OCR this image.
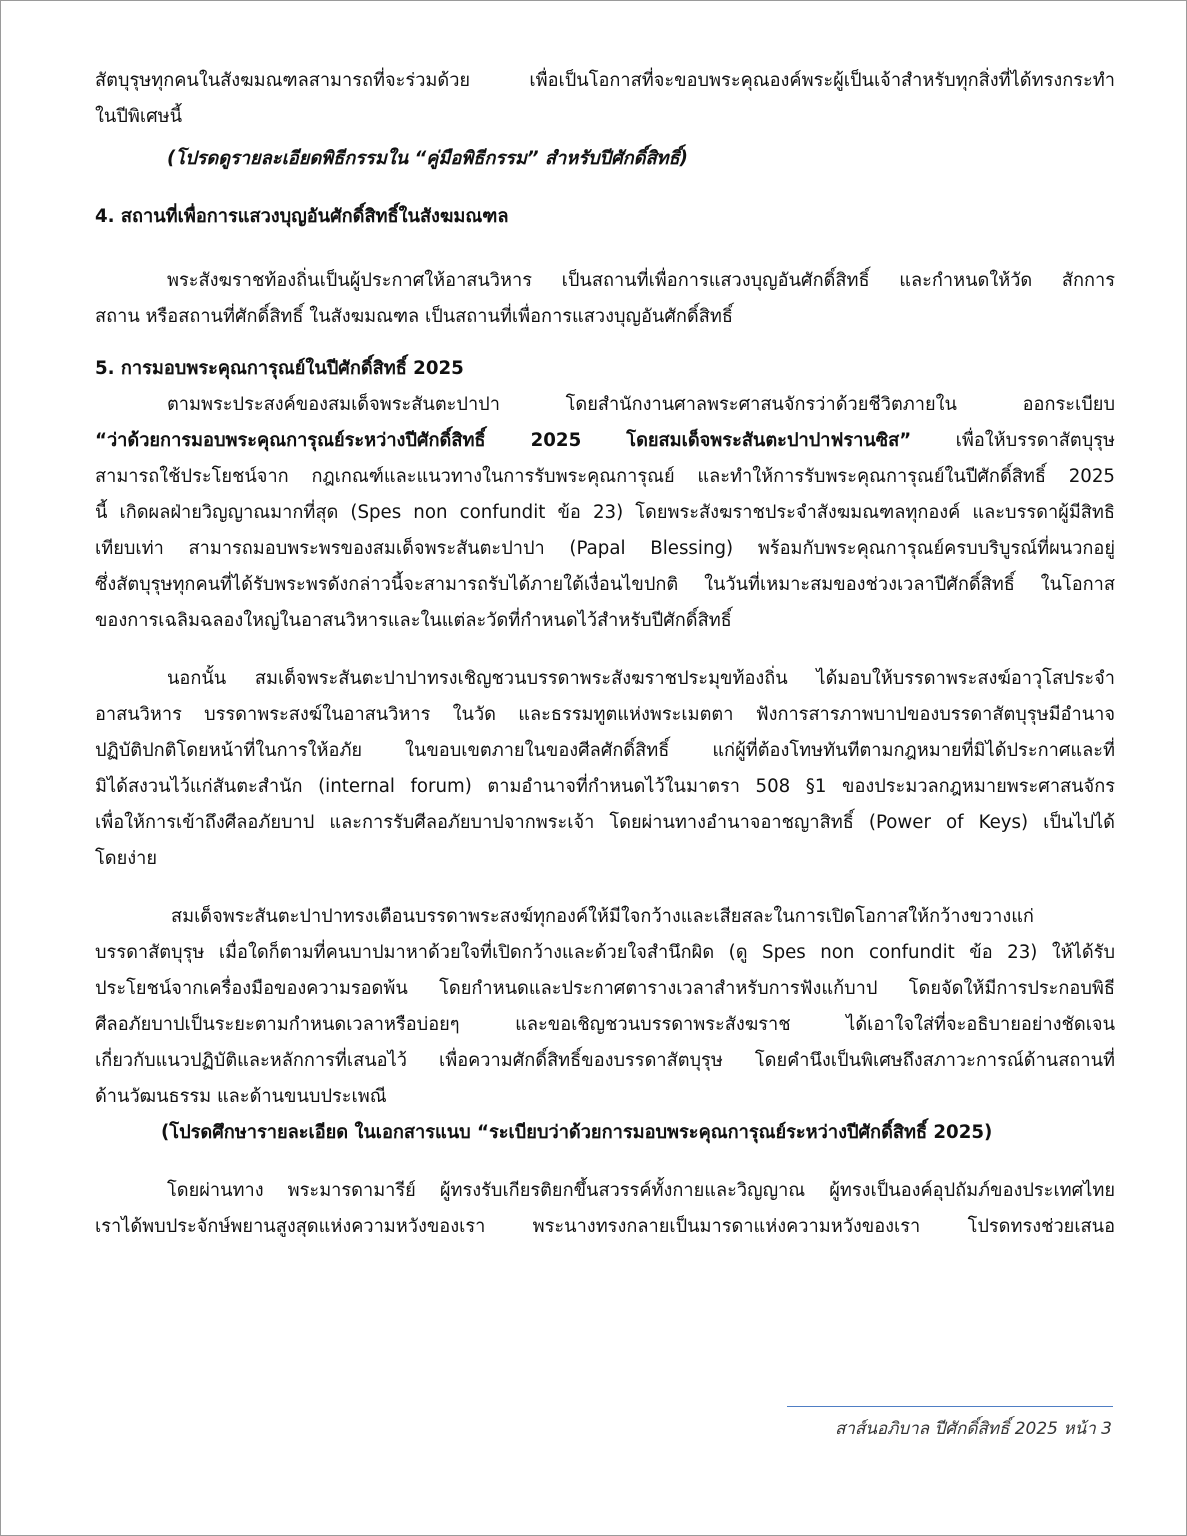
สัตบุรุษทุกคนในสังฆมณฑลสามารถที่จะร่วมด้วย เพื่อเป็นโอกาสที่จะขอบพระคุณองค์พระผู้เป็นเจ้าสำหรับทุกสิ่งที่ได้ทรงกระทำ
ในปีพิเศษนี้
(โปรดดูรายละเอียดพิธีกรรมใน “คู่มือพิธีกรรม” สำหรับปีศักดิ์สิทธิ์)
4. สถานที่เพื่อการแสวงบุญอันศักดิ์สิทธิ์ในสังฆมณฑล
พระสังฆราชท้องถิ่นเป็นผู้ประกาศให้อาสนวิหาร เป็นสถานที่เพื่อการแสวงบุญอันศักดิ์สิทธิ์ และกำหนดให้วัด สักการ
สถาน หรือสถานที่ศักดิ์สิทธิ์ ในสังฆมณฑล เป็นสถานที่เพื่อการแสวงบุญอันศักดิ์สิทธิ์
5. การมอบพระคุณการุณย์ในปีศักดิ์สิทธิ์ 2025
ตามพระประสงค์ของสมเด็จพระสันตะปาปา โดยสำนักงานศาลพระศาสนจักรว่าด้วยชีวิตภายใน ออกระเบียบ
“ว่าด้วยการมอบพระคุณการุณย์ระหว่างปีศักดิ์สิทธิ์ 2025 โดยสมเด็จพระสันตะปาปาฟรานซิส” เพื่อให้บรรดาสัตบุรุษ
สามารถใช้ประโยชน์จาก กฎเกณฑ์และแนวทางในการรับพระคุณการุณย์ และทำให้การรับพระคุณการุณย์ในปีศักดิ์สิทธิ์ 2025
นี้ เกิดผลฝ่ายวิญญาณมากที่สุด (Spes non confundit ข้อ 23) โดยพระสังฆราชประจำสังฆมณฑลทุกองค์ และบรรดาผู้มีสิทธิ
เทียบเท่า สามารถมอบพระพรของสมเด็จพระสันตะปาปา (Papal Blessing) พร้อมกับพระคุณการุณย์ครบบริบูรณ์ที่ผนวกอยู่
ซึ่งสัตบุรุษทุกคนที่ได้รับพระพรดังกล่าวนี้จะสามารถรับได้ภายใต้เงื่อนไขปกติ ในวันที่เหมาะสมของช่วงเวลาปีศักดิ์สิทธิ์ ในโอกาส
ของการเฉลิมฉลองใหญ่ในอาสนวิหารและในแต่ละวัดที่กำหนดไว้สำหรับปีศักดิ์สิทธิ์
นอกนั้น สมเด็จพระสันตะปาปาทรงเชิญชวนบรรดาพระสังฆราชประมุขท้องถิ่น ได้มอบให้บรรดาพระสงฆ์อาวุโสประจำ
อาสนวิหาร บรรดาพระสงฆ์ในอาสนวิหาร ในวัด และธรรมทูตแห่งพระเมตตา ฟังการสารภาพบาปของบรรดาสัตบุรุษมีอำนาจ
ปฏิบัติปกติโดยหน้าที่ในการให้อภัย ในขอบเขตภายในของศีลศักดิ์สิทธิ์ แก่ผู้ที่ต้องโทษทันทีตามกฎหมายที่มิได้ประกาศและที่
มิได้สงวนไว้แก่สันตะสำนัก (internal forum) ตามอำนาจที่กำหนดไว้ในมาตรา 508 §1 ของประมวลกฎหมายพระศาสนจักร
เพื่อให้การเข้าถึงศีลอภัยบาป และการรับศีลอภัยบาปจากพระเจ้า โดยผ่านทางอำนาจอาชญาสิทธิ์ (Power of Keys) เป็นไปได้
โดยง่าย
สมเด็จพระสันตะปาปาทรงเตือนบรรดาพระสงฆ์ทุกองค์ให้มีใจกว้างและเสียสละในการเปิดโอกาสให้กว้างขวางแก่
บรรดาสัตบุรุษ เมื่อใดก็ตามที่คนบาปมาหาด้วยใจที่เปิดกว้างและด้วยใจสำนึกผิด (ดู Spes non confundit ข้อ 23) ให้ได้รับ
ประโยชน์จากเครื่องมือของความรอดพ้น โดยกำหนดและประกาศตารางเวลาสำหรับการฟังแก้บาป โดยจัดให้มีการประกอบพิธี
ศีลอภัยบาปเป็นระยะตามกำหนดเวลาหรือบ่อยๆ และขอเชิญชวนบรรดาพระสังฆราช ได้เอาใจใส่ที่จะอธิบายอย่างชัดเจน
เกี่ยวกับแนวปฏิบัติและหลักการที่เสนอไว้ เพื่อความศักดิ์สิทธิ์ของบรรดาสัตบุรุษ โดยคำนึงเป็นพิเศษถึงสภาวะการณ์ด้านสถานที่
ด้านวัฒนธรรม และด้านขนบประเพณี
(โปรดศึกษารายละเอียด ในเอกสารแนบ “ระเบียบว่าด้วยการมอบพระคุณการุณย์ระหว่างปีศักดิ์สิทธิ์ 2025)
โดยผ่านทาง พระมารดามารีย์ ผู้ทรงรับเกียรติยกขึ้นสวรรค์ทั้งกายและวิญญาณ ผู้ทรงเป็นองค์อุปถัมภ์ของประเทศไทย
เราได้พบประจักษ์พยานสูงสุดแห่งความหวังของเรา พระนางทรงกลายเป็นมารดาแห่งความหวังของเรา โปรดทรงช่วยเสนอ
สาส์นอภิบาล ปีศักดิ์สิทธิ์ 2025 หน้า 3
